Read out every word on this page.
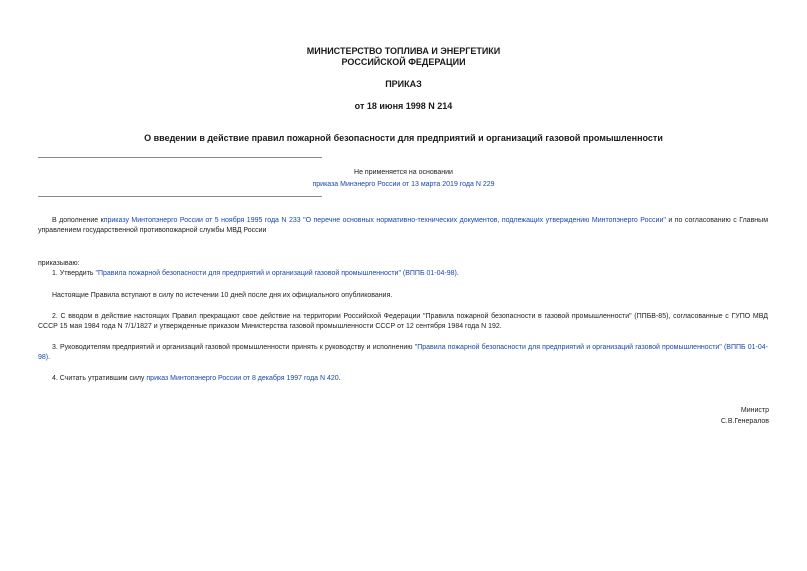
МИНИСТЕРСТВО ТОПЛИВА И ЭНЕРГЕТИКИ
РОССИЙСКОЙ ФЕДЕРАЦИИ
ПРИКАЗ
от 18 июня 1998 N 214
О введении в действие правил пожарной безопасности для предприятий и организаций газовой промышленности
Не применяется на основании
приказа Минэнерго России от 13 марта 2019 года N 229
В дополнение кприказу Минтопэнерго России от 5 ноября 1995 года N 233 "О перечне основных нормативно-технических документов, подлежащих утверждению Минтопэнерго России" и по согласованию с Главным управлением государственной противопожарной службы МВД России
приказываю:
1. Утвердить "Правила пожарной безопасности для предприятий и организаций газовой промышленности" (ВППБ 01-04-98).
Настоящие Правила вступают в силу по истечении 10 дней после дня их официального опубликования.
2. С вводом в действие настоящих Правил прекращают свое действие на территории Российской Федерации "Правила пожарной безопасности в газовой промышленности" (ППБВ-85), согласованные с ГУПО МВД СССР 15 мая 1984 года N 7/1/1827 и утвержденные приказом Министерства газовой промышленности СССР от 12 сентября 1984 года N 192.
3. Руководителям предприятий и организаций газовой промышленности принять к руководству и исполнению "Правила пожарной безопасности для предприятий и организаций газовой промышленности" (ВППБ 01-04-98).
4. Считать утратившим силу приказ Минтопэнерго России от 8 декабря 1997 года N 420.
Министр
С.В.Генералов
